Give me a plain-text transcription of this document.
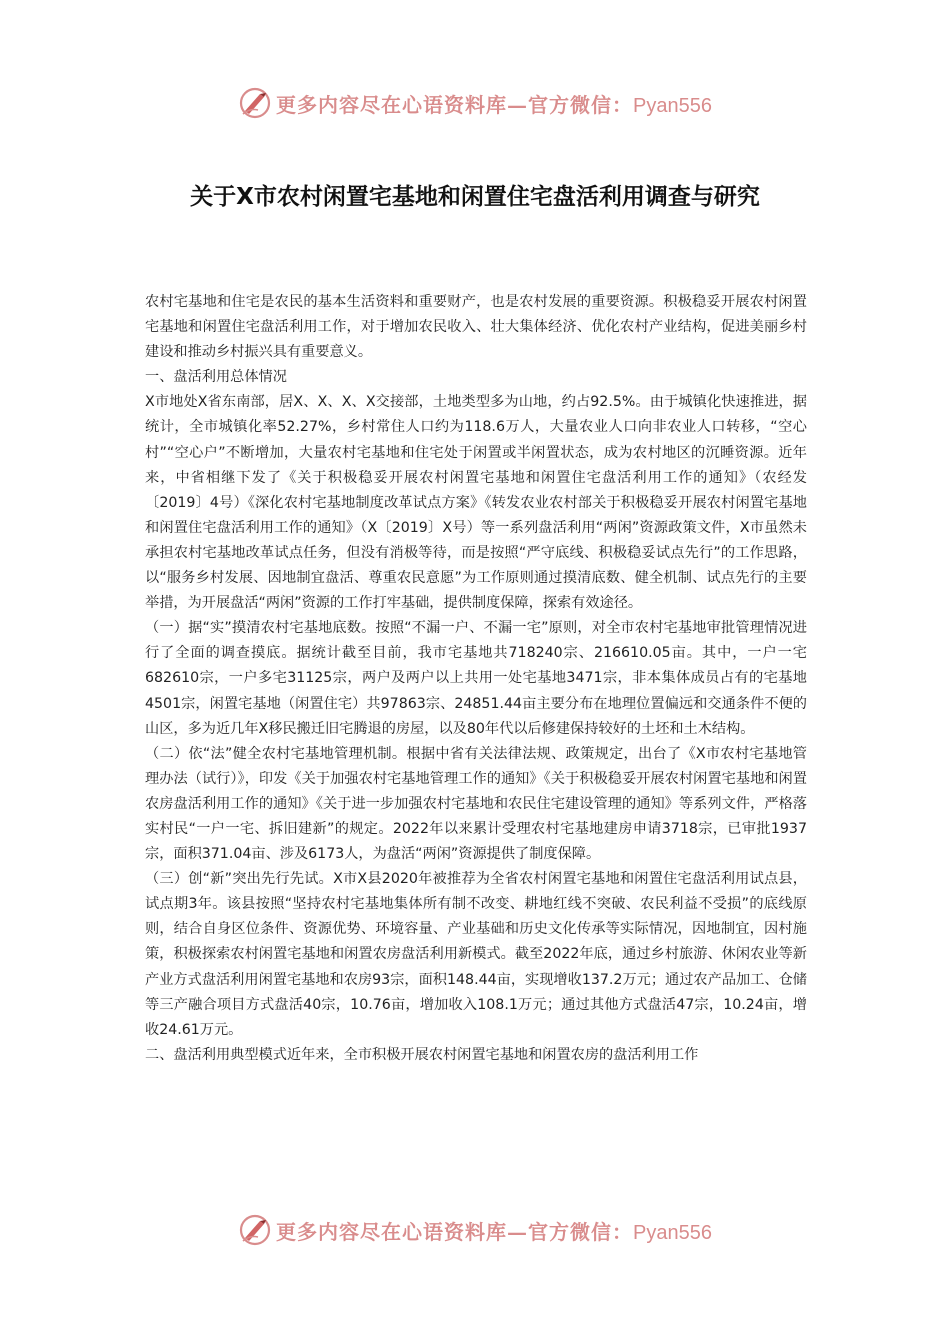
更多内容尽在心语资料库—官方微信：Pyan556
关于X市农村闲置宅基地和闲置住宅盘活利用调查与研究

农村宅基地和住宅是农民的基本生活资料和重要财产，也是农村发展的重要资源。积极稳妥开展农村闲置宅基地和闲置住宅盘活利用工作，对于增加农民收入、壮大集体经济、优化农村产业结构，促进美丽乡村建设和推动乡村振兴具有重要意义。

一、盘活利用总体情况

X市地处X省东南部，居X、X、X、X交接部，土地类型多为山地，约占92.5%。由于城镇化快速推进，据统计，全市城镇化率52.27%，乡村常住人口约为118.6万人，大量农业人口向非农业人口转移，“空心村”“空心户”不断增加，大量农村宅基地和住宅处于闲置或半闲置状态，成为农村地区的沉睡资源。近年来，中省相继下发了《关于积极稳妥开展农村闲置宅基地和闲置住宅盘活利用工作的通知》（农经发〔2019〕4号）《深化农村宅基地制度改革试点方案》《转发农业农村部关于积极稳妥开展农村闲置宅基地和闲置住宅盘活利用工作的通知》（X〔2019〕X号）等一系列盘活利用“两闲”资源政策文件，X市虽然未承担农村宅基地改革试点任务，但没有消极等待，而是按照“严守底线、积极稳妥试点先行”的工作思路，以“服务乡村发展、因地制宜盘活、尊重农民意愿”为工作原则通过摸清底数、健全机制、试点先行的主要举措，为开展盘活“两闲”资源的工作打牢基础，提供制度保障，探索有效途径。

（一）据“实”摸清农村宅基地底数。按照“不漏一户、不漏一宅”原则，对全市农村宅基地审批管理情况进行了全面的调查摸底。据统计截至目前，我市宅基地共718240宗、216610.05亩。其中，一户一宅682610宗，一户多宅31125宗，两户及两户以上共用一处宅基地3471宗，非本集体成员占有的宅基地4501宗，闲置宅基地（闲置住宅）共97863宗、24851.44亩主要分布在地理位置偏远和交通条件不便的山区，多为近几年X移民搬迁旧宅腾退的房屋，以及80年代以后修建保持较好的土坯和土木结构。

（二）依“法”健全农村宅基地管理机制。根据中省有关法律法规、政策规定，出台了《X市农村宅基地管理办法（试行）》，印发《关于加强农村宅基地管理工作的通知》《关于积极稳妥开展农村闲置宅基地和闲置农房盘活利用工作的通知》《关于进一步加强农村宅基地和农民住宅建设管理的通知》等系列文件，严格落实村民“一户一宅、拆旧建新”的规定。2022年以来累计受理农村宅基地建房申请3718宗，已审批1937宗，面积371.04亩、涉及6173人，为盘活“两闲”资源提供了制度保障。

（三）创“新”突出先行先试。X市X县2020年被推荐为全省农村闲置宅基地和闲置住宅盘活利用试点县，试点期3年。该县按照“坚持农村宅基地集体所有制不改变、耕地红线不突破、农民利益不受损”的底线原则，结合自身区位条件、资源优势、环境容量、产业基础和历史文化传承等实际情况，因地制宜，因村施策，积极探索农村闲置宅基地和闲置农房盘活利用新模式。截至2022年底，通过乡村旅游、休闲农业等新产业方式盘活利用闲置宅基地和农房93宗，面积148.44亩，实现增收137.2万元；通过农产品加工、仓储等三产融合项目方式盘活40宗，10.76亩，增加收入108.1万元；通过其他方式盘活47宗，10.24亩，增收24.61万元。

二、盘活利用典型模式近年来，全市积极开展农村闲置宅基地和闲置农房的盘活利用工作

更多内容尽在心语资料库—官方微信：Pyan556
